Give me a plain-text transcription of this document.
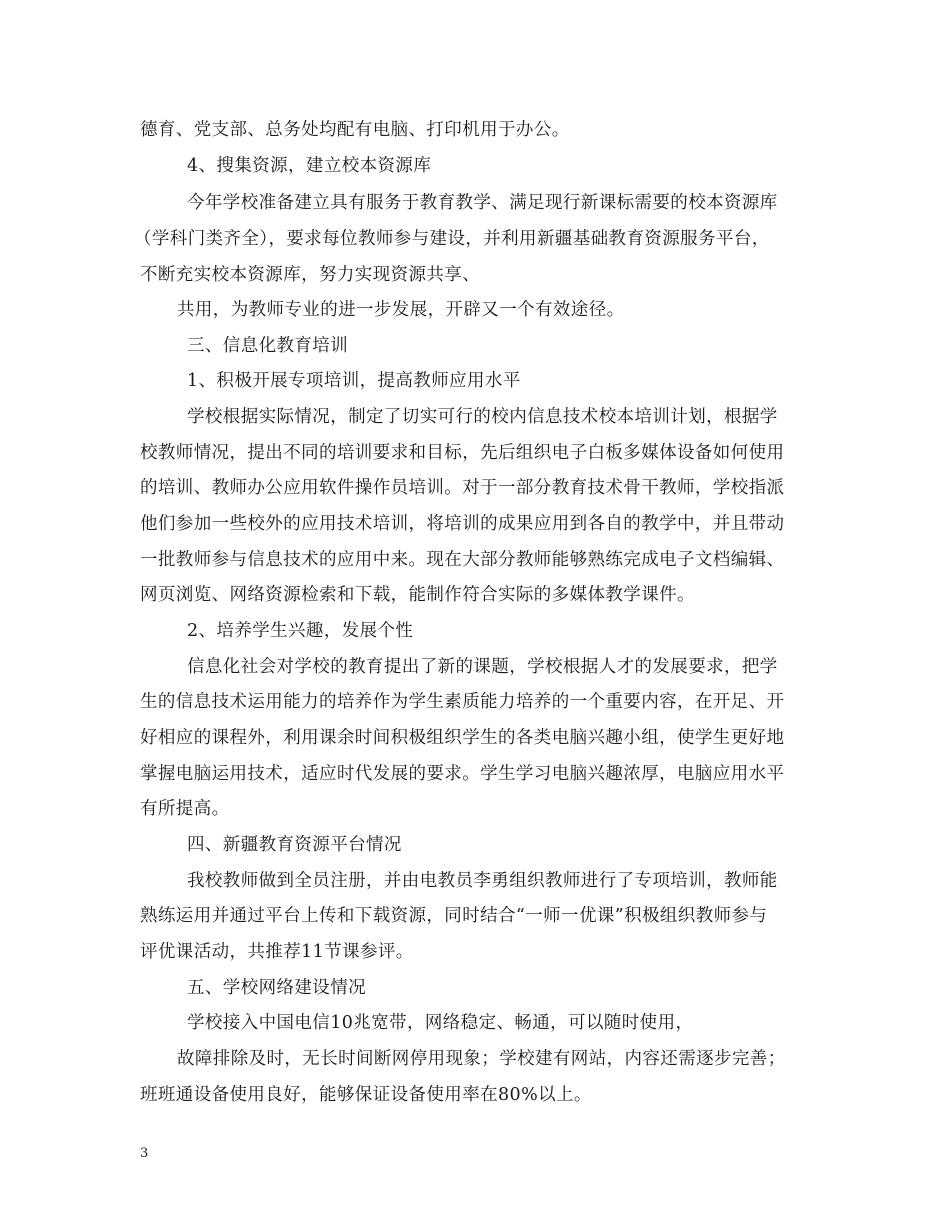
德育、党支部、总务处均配有电脑、打印机用于办公。
4、搜集资源，建立校本资源库
今年学校准备建立具有服务于教育教学、满足现行新课标需要的校本资源库
（学科门类齐全），要求每位教师参与建设，并利用新疆基础教育资源服务平台，
不断充实校本资源库，努力实现资源共享、
共用，为教师专业的进一步发展，开辟又一个有效途径。
三、信息化教育培训
1、积极开展专项培训，提高教师应用水平
学校根据实际情况，制定了切实可行的校内信息技术校本培训计划，根据学
校教师情况，提出不同的培训要求和目标，先后组织电子白板多媒体设备如何使用
的培训、教师办公应用软件操作员培训。对于一部分教育技术骨干教师，学校指派
他们参加一些校外的应用技术培训，将培训的成果应用到各自的教学中，并且带动
一批教师参与信息技术的应用中来。现在大部分教师能够熟练完成电子文档编辑、
网页浏览、网络资源检索和下载，能制作符合实际的多媒体教学课件。
2、培养学生兴趣，发展个性
信息化社会对学校的教育提出了新的课题，学校根据人才的发展要求，把学
生的信息技术运用能力的培养作为学生素质能力培养的一个重要内容，在开足、开
好相应的课程外，利用课余时间积极组织学生的各类电脑兴趣小组，使学生更好地
掌握电脑运用技术，适应时代发展的要求。学生学习电脑兴趣浓厚，电脑应用水平
有所提高。
四、新疆教育资源平台情况
我校教师做到全员注册，并由电教员李勇组织教师进行了专项培训，教师能
熟练运用并通过平台上传和下载资源，同时结合“一师一优课”积极组织教师参与
评优课活动，共推荐11节课参评。
五、学校网络建设情况
学校接入中国电信10兆宽带，网络稳定、畅通，可以随时使用，
故障排除及时，无长时间断网停用现象；学校建有网站，内容还需逐步完善；
班班通设备使用良好，能够保证设备使用率在80%以上。
3
